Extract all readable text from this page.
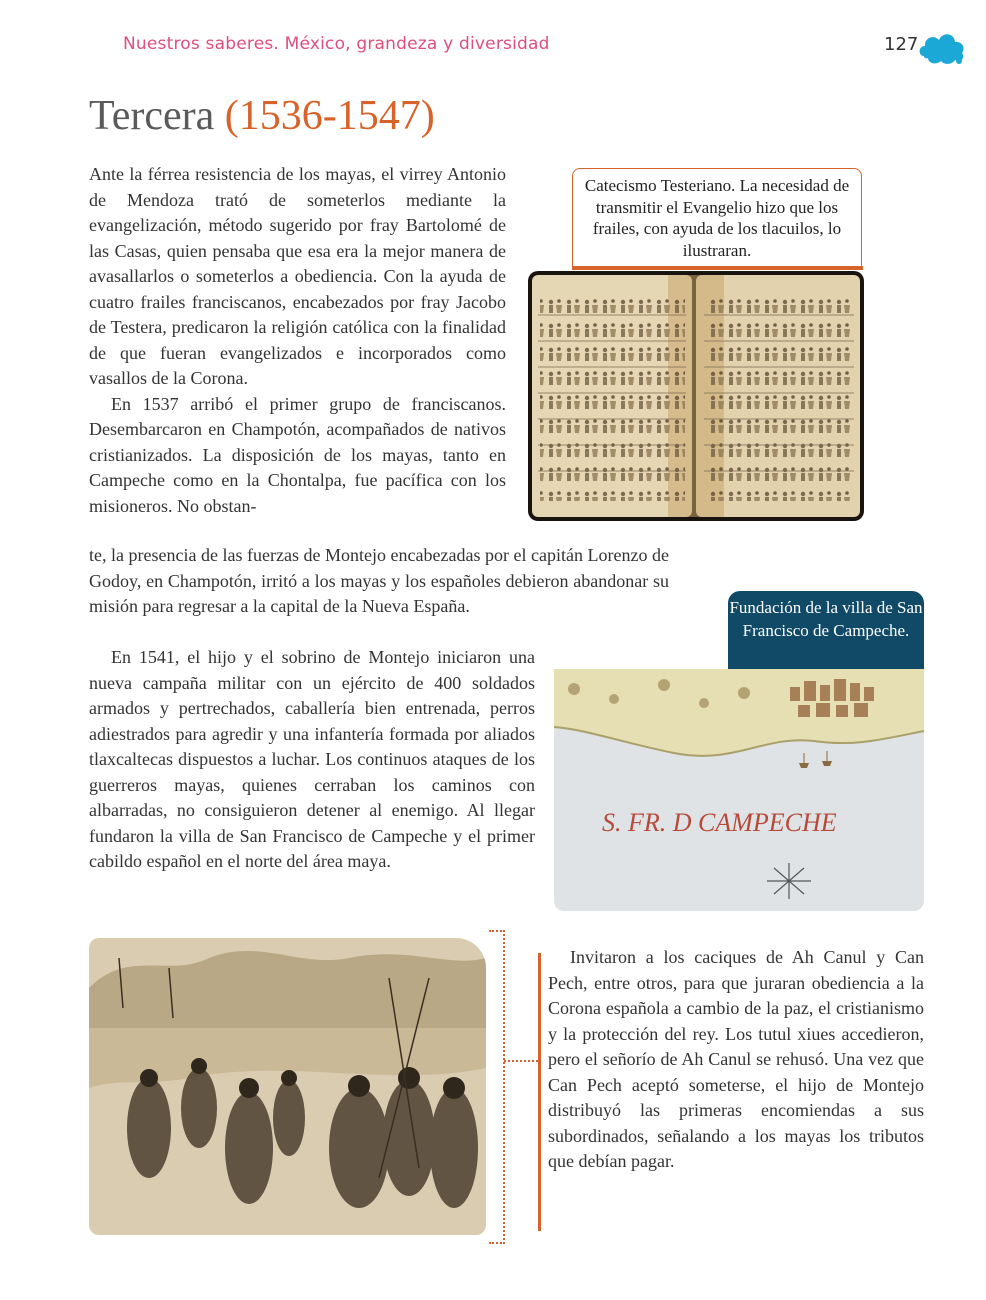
Nuestros saberes. México, grandeza y diversidad	127
Tercera (1536-1547)

Ante la férrea resistencia de los mayas, el virrey Antonio de Mendoza trató de someterlos mediante la evangelización, método sugerido por fray Bartolomé de las Casas, quien pensaba que esa era la mejor manera de avasallarlos o someterlos a obediencia. Con la ayuda de cuatro frailes franciscanos, encabezados por fray Jacobo de Testera, predicaron la religión católica con la finalidad de que fueran evangelizados e incorporados como vasallos de la Corona.

En 1537 arribó el primer grupo de franciscanos. Desembarcaron en Champotón, acompañados de nativos cristianizados. La disposición de los mayas, tanto en Campeche como en la Chontalpa, fue pacífica con los misioneros. No obstan-

te, la presencia de las fuerzas de Montejo encabezadas por el capitán Lorenzo de Godoy, en Champotón, irritó a los mayas y los españoles debieron abandonar su misión para regresar a la capital de la Nueva España.

En 1541, el hijo y el sobrino de Montejo iniciaron una nueva campaña militar con un ejército de 400 soldados armados y pertrechados, caballería bien entrenada, perros adiestrados para agredir y una infantería formada por aliados tlaxcaltecas dispuestos a luchar. Los continuos ataques de los guerreros mayas, quienes cerraban los caminos con albarradas, no consiguieron detener al enemigo. Al llegar fundaron la villa de San Francisco de Campeche y el primer cabildo español en el norte del área maya.

Catecismo Testeriano. La necesidad de transmitir el Evangelio hizo que los frailes, con ayuda de los tlacuilos, lo ilustraran.
Fundación de la villa de San Francisco de Campeche.
S. FR. D CAMPECHE

Invitaron a los caciques de Ah Canul y Can Pech, entre otros, para que juraran obediencia a la Corona española a cambio de la paz, el cristianismo y la protección del rey. Los tutul xiues accedieron, pero el señorío de Ah Canul se rehusó. Una vez que Can Pech aceptó someterse, el hijo de Montejo distribuyó las primeras encomiendas a sus subordinados, señalando a los mayas los tributos que debían pagar.
